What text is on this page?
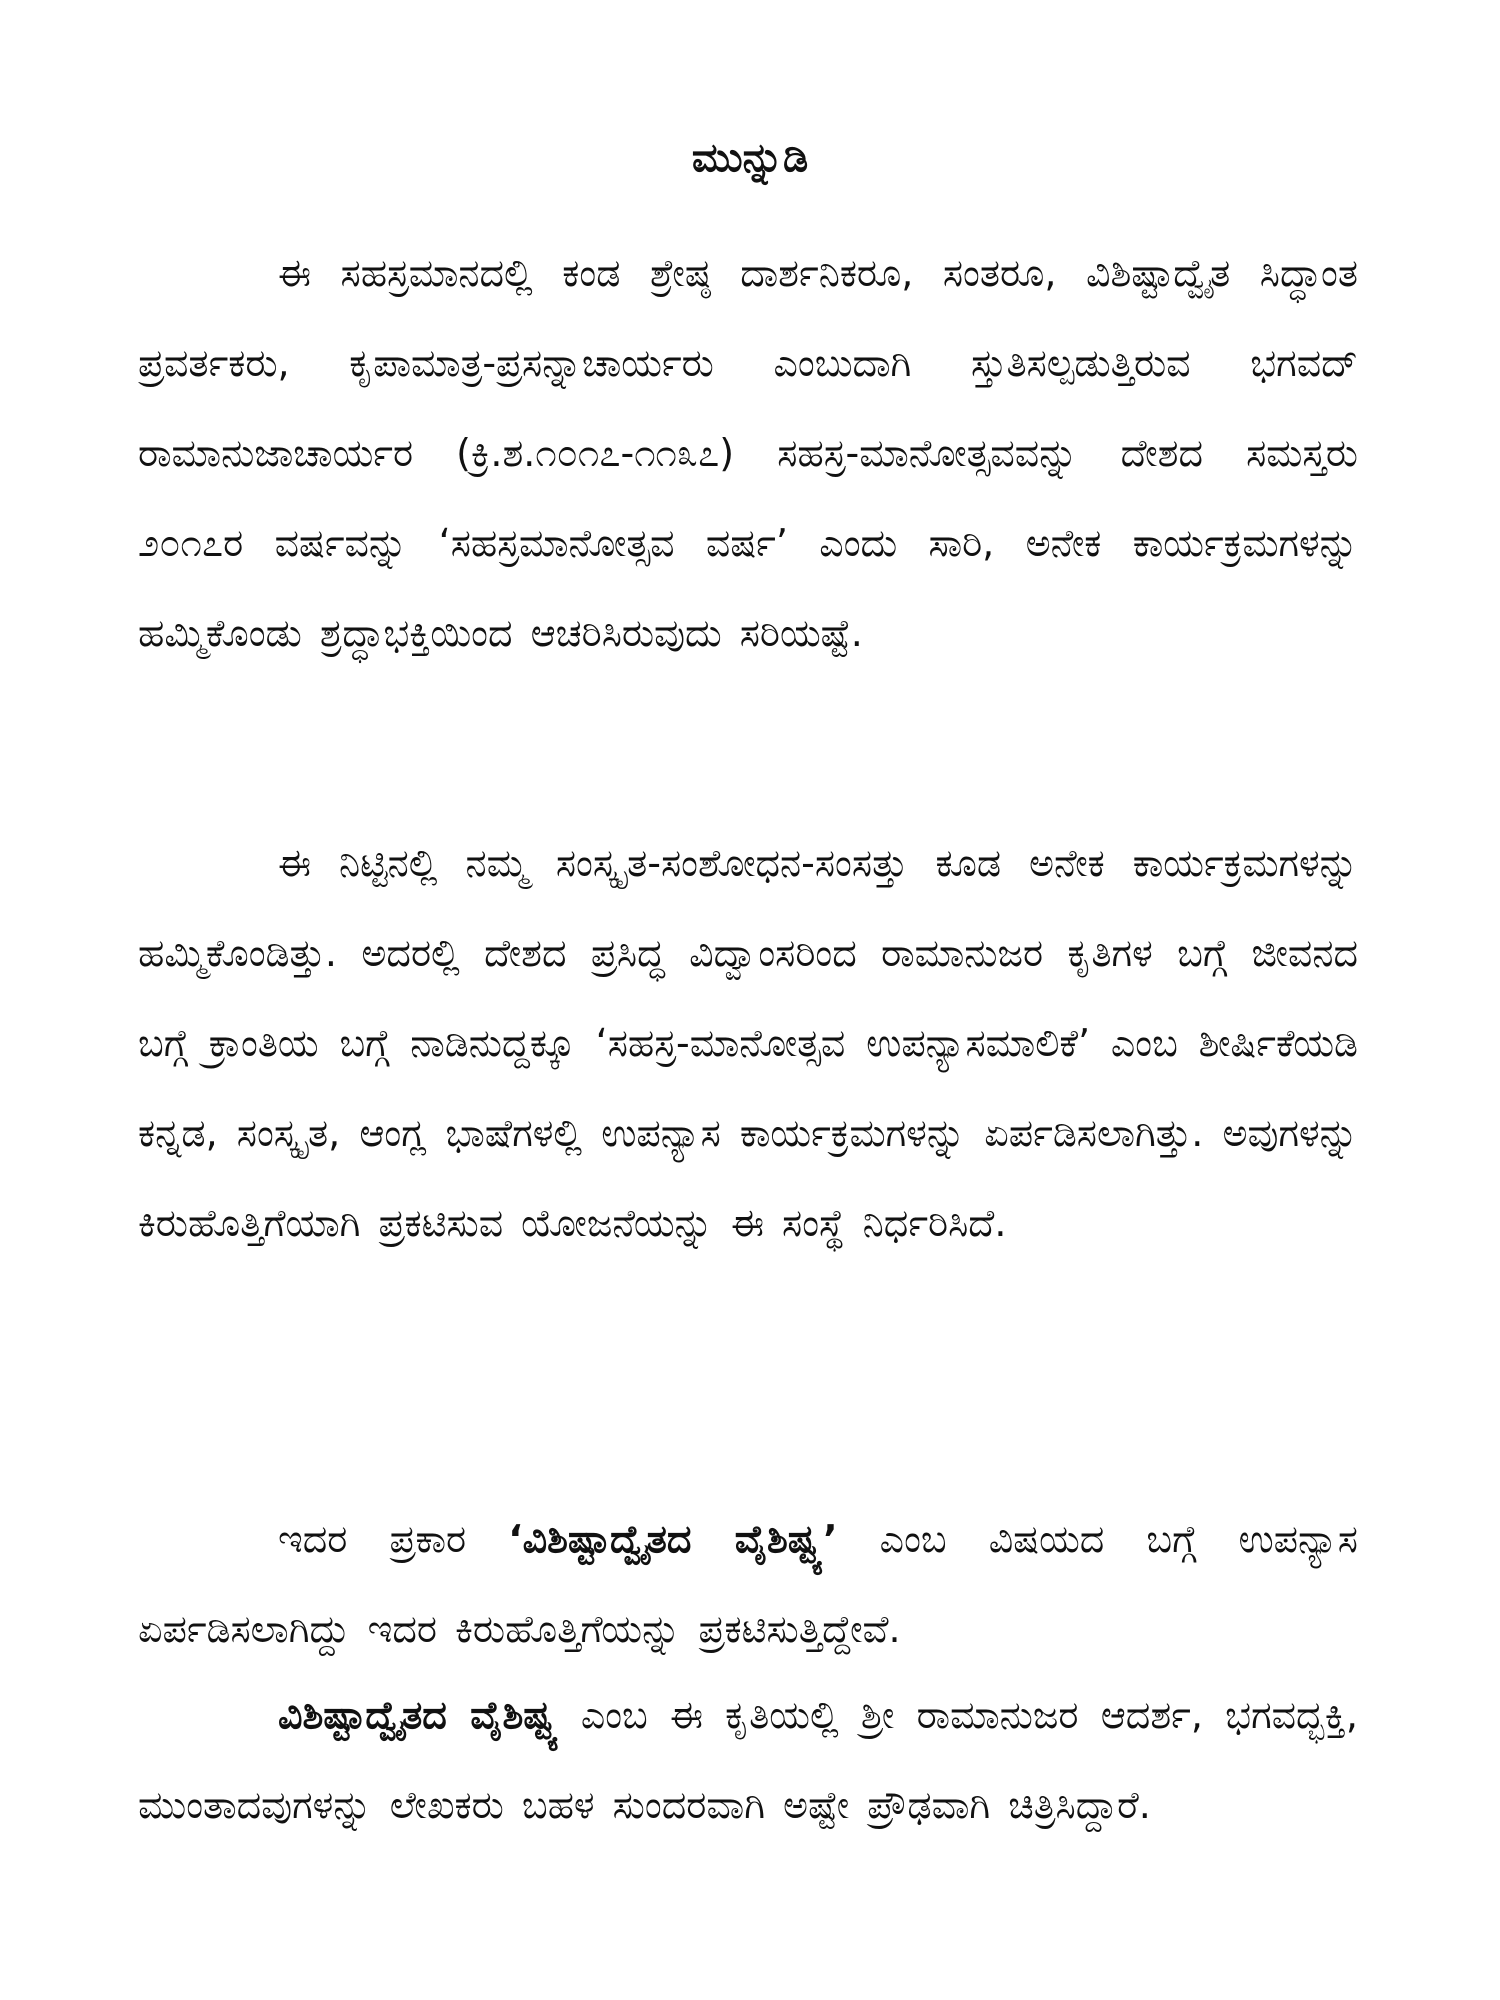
ಮುನ್ನುಡಿ

ಈ ಸಹಸ್ರಮಾನದಲ್ಲಿ ಕಂಡ ಶ್ರೇಷ್ಠ ದಾರ್ಶನಿಕರೂ, ಸಂತರೂ, ವಿಶಿಷ್ಟಾದ್ವೈತ ಸಿದ್ಧಾಂತ ಪ್ರವರ್ತಕರು, ಕೃಪಾಮಾತ್ರ-ಪ್ರಸನ್ನಾಚಾರ್ಯರು ಎಂಬುದಾಗಿ ಸ್ತುತಿಸಲ್ಪಡುತ್ತಿರುವ ಭಗವದ್ ರಾಮಾನುಜಾಚಾರ್ಯರ (ಕ್ರಿ.ಶ.೧೦೧೭-೧೧೩೭) ಸಹಸ್ರ-ಮಾನೋತ್ಸವವನ್ನು ದೇಶದ ಸಮಸ್ತರು ೨೦೧೭ರ ವರ್ಷವನ್ನು ‘ಸಹಸ್ರಮಾನೋತ್ಸವ ವರ್ಷ’ ಎಂದು ಸಾರಿ, ಅನೇಕ ಕಾರ್ಯಕ್ರಮಗಳನ್ನು ಹಮ್ಮಿಕೊಂಡು ಶ್ರದ್ಧಾಭಕ್ತಿಯಿಂದ ಆಚರಿಸಿರುವುದು ಸರಿಯಷ್ಟೆ.

ಈ ನಿಟ್ಟಿನಲ್ಲಿ ನಮ್ಮ ಸಂಸ್ಕೃತ-ಸಂಶೋಧನ-ಸಂಸತ್ತು ಕೂಡ ಅನೇಕ ಕಾರ್ಯಕ್ರಮಗಳನ್ನು ಹಮ್ಮಿಕೊಂಡಿತ್ತು. ಅದರಲ್ಲಿ ದೇಶದ ಪ್ರಸಿದ್ಧ ವಿದ್ವಾಂಸರಿಂದ ರಾಮಾನುಜರ ಕೃತಿಗಳ ಬಗ್ಗೆ ಜೀವನದ ಬಗ್ಗೆ ಕ್ರಾಂತಿಯ ಬಗ್ಗೆ ನಾಡಿನುದ್ದಕ್ಕೂ ‘ಸಹಸ್ರ-ಮಾನೋತ್ಸವ ಉಪನ್ಯಾಸಮಾಲಿಕೆ’ ಎಂಬ ಶೀರ್ಷಿಕೆಯಡಿ ಕನ್ನಡ, ಸಂಸ್ಕೃತ, ಆಂಗ್ಲ ಭಾಷೆಗಳಲ್ಲಿ ಉಪನ್ಯಾಸ ಕಾರ್ಯಕ್ರಮಗಳನ್ನು ಏರ್ಪಡಿಸಲಾಗಿತ್ತು. ಅವುಗಳನ್ನು ಕಿರುಹೊತ್ತಿಗೆಯಾಗಿ ಪ್ರಕಟಿಸುವ ಯೋಜನೆಯನ್ನು ಈ ಸಂಸ್ಥೆ ನಿರ್ಧರಿಸಿದೆ.

ಇದರ ಪ್ರಕಾರ ‘ವಿಶಿಷ್ಟಾದ್ವೈತದ ವೈಶಿಷ್ಟ್ಯ’ ಎಂಬ ವಿಷಯದ ಬಗ್ಗೆ ಉಪನ್ಯಾಸ ಏರ್ಪಡಿಸಲಾಗಿದ್ದು ಇದರ ಕಿರುಹೊತ್ತಿಗೆಯನ್ನು ಪ್ರಕಟಿಸುತ್ತಿದ್ದೇವೆ.

ವಿಶಿಷ್ಟಾದ್ವೈತದ ವೈಶಿಷ್ಟ್ಯ ಎಂಬ ಈ ಕೃತಿಯಲ್ಲಿ ಶ್ರೀ ರಾಮಾನುಜರ ಆದರ್ಶ, ಭಗವದ್ಭಕ್ತಿ, ಮುಂತಾದವುಗಳನ್ನು ಲೇಖಕರು ಬಹಳ ಸುಂದರವಾಗಿ ಅಷ್ಟೇ ಪ್ರೌಢವಾಗಿ ಚಿತ್ರಿಸಿದ್ದಾರೆ.
